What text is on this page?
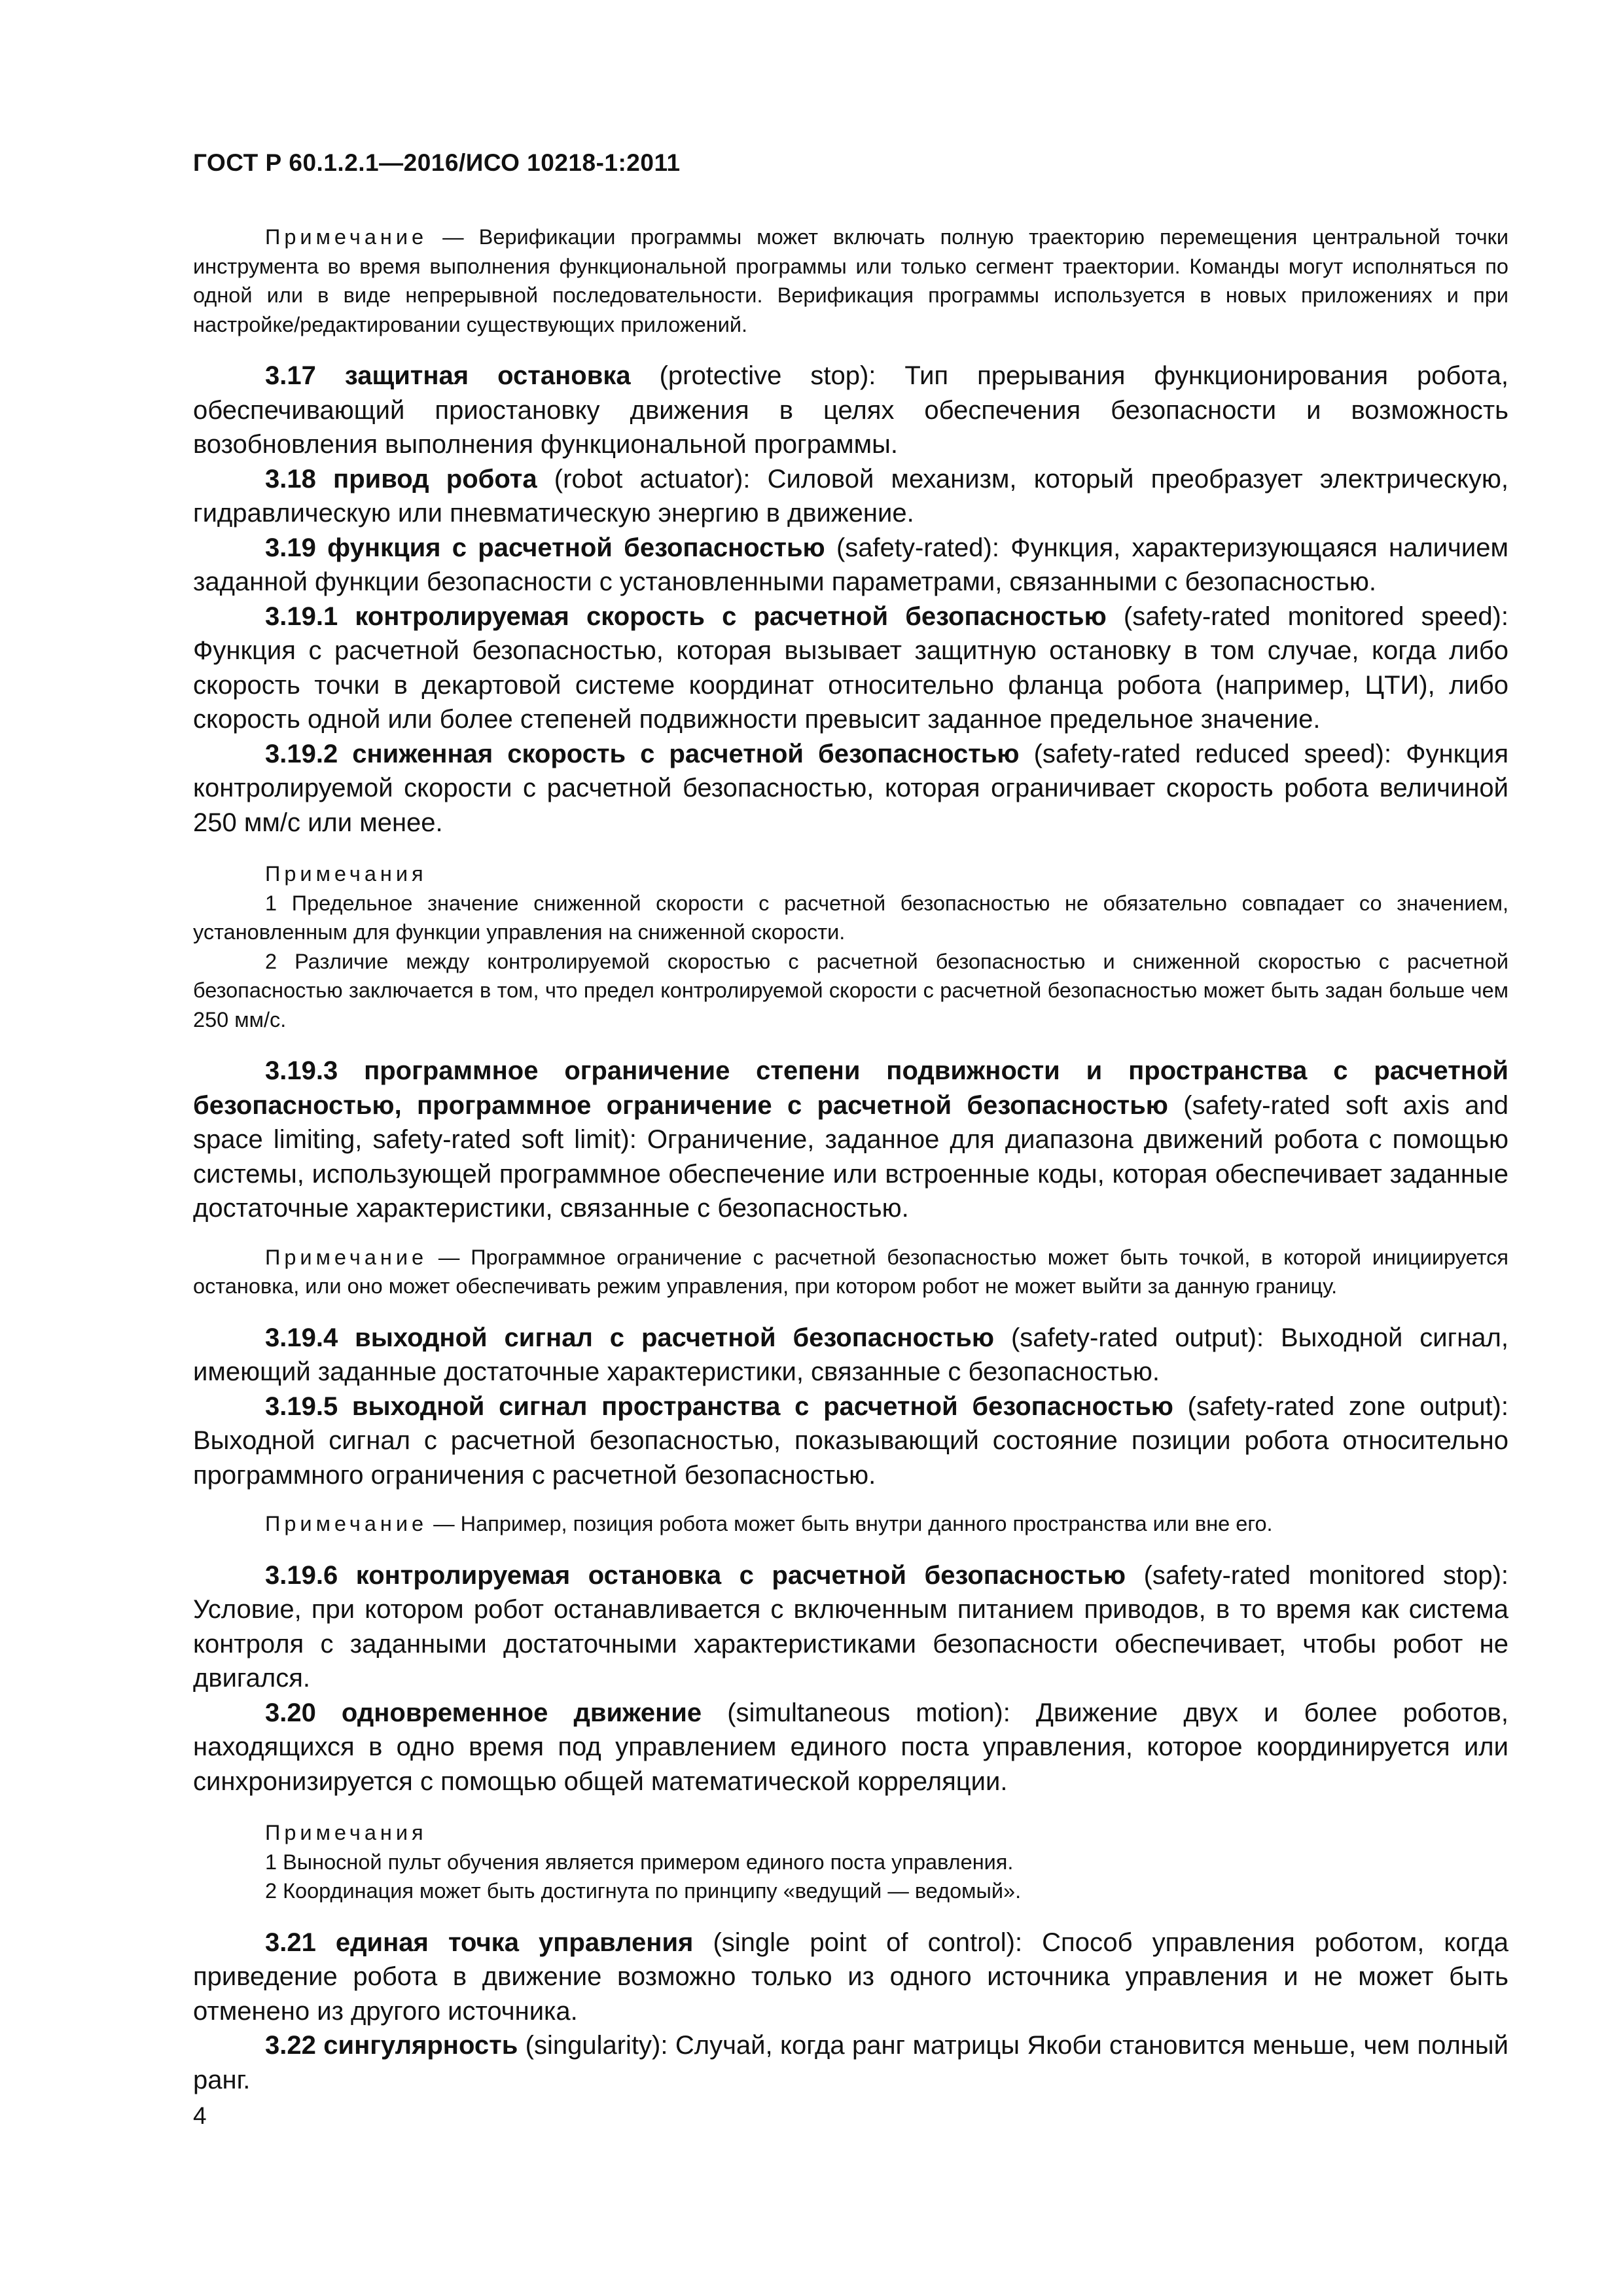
ГОСТ Р 60.1.2.1—2016/ИСО 10218-1:2011

Примечание — Верификации программы может включать полную траекторию перемещения центральной точки инструмента во время выполнения функциональной программы или только сегмент траектории. Команды могут исполняться по одной или в виде непрерывной последовательности. Верификация программы используется в новых приложениях и при настройке/редактировании существующих приложений.

3.17 защитная остановка (protective stop): Тип прерывания функционирования робота, обеспечивающий приостановку движения в целях обеспечения безопасности и возможность возобновления выполнения функциональной программы.

3.18 привод робота (robot actuator): Силовой механизм, который преобразует электрическую, гидравлическую или пневматическую энергию в движение.

3.19 функция с расчетной безопасностью (safety-rated): Функция, характеризующаяся наличием заданной функции безопасности с установленными параметрами, связанными с безопасностью.

3.19.1 контролируемая скорость с расчетной безопасностью (safety-rated monitored speed): Функция с расчетной безопасностью, которая вызывает защитную остановку в том случае, когда либо скорость точки в декартовой системе координат относительно фланца робота (например, ЦТИ), либо скорость одной или более степеней подвижности превысит заданное предельное значение.

3.19.2 сниженная скорость с расчетной безопасностью (safety-rated reduced speed): Функция контролируемой скорости с расчетной безопасностью, которая ограничивает скорость робота величиной 250 мм/с или менее.

Примечания

1 Предельное значение сниженной скорости с расчетной безопасностью не обязательно совпадает со значением, установленным для функции управления на сниженной скорости.

2 Различие между контролируемой скоростью с расчетной безопасностью и сниженной скоростью с расчетной безопасностью заключается в том, что предел контролируемой скорости с расчетной безопасностью может быть задан больше чем 250 мм/с.

3.19.3 программное ограничение степени подвижности и пространства с расчетной безопасностью, программное ограничение с расчетной безопасностью (safety-rated soft axis and space limiting, safety-rated soft limit): Ограничение, заданное для диапазона движений робота с помощью системы, использующей программное обеспечение или встроенные коды, которая обеспечивает заданные достаточные характеристики, связанные с безопасностью.

Примечание — Программное ограничение с расчетной безопасностью может быть точкой, в которой инициируется остановка, или оно может обеспечивать режим управления, при котором робот не может выйти за данную границу.

3.19.4 выходной сигнал с расчетной безопасностью (safety-rated output): Выходной сигнал, имеющий заданные достаточные характеристики, связанные с безопасностью.

3.19.5 выходной сигнал пространства с расчетной безопасностью (safety-rated zone output): Выходной сигнал с расчетной безопасностью, показывающий состояние позиции робота относительно программного ограничения с расчетной безопасностью.

Примечание — Например, позиция робота может быть внутри данного пространства или вне его.

3.19.6 контролируемая остановка с расчетной безопасностью (safety-rated monitored stop): Условие, при котором робот останавливается с включенным питанием приводов, в то время как система контроля с заданными достаточными характеристиками безопасности обеспечивает, чтобы робот не двигался.

3.20 одновременное движение (simultaneous motion): Движение двух и более роботов, находящихся в одно время под управлением единого поста управления, которое координируется или синхронизируется с помощью общей математической корреляции.

Примечания

1 Выносной пульт обучения является примером единого поста управления.

2 Координация может быть достигнута по принципу «ведущий — ведомый».

3.21 единая точка управления (single point of control): Способ управления роботом, когда приведение робота в движение возможно только из одного источника управления и не может быть отменено из другого источника.

3.22 сингулярность (singularity): Случай, когда ранг матрицы Якоби становится меньше, чем полный ранг.

4
